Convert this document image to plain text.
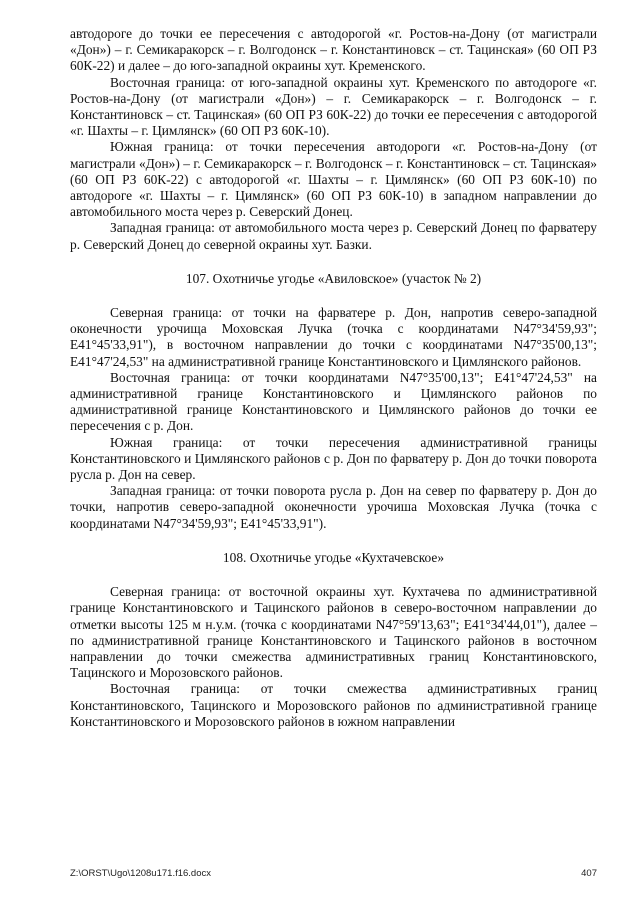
автодороге до точки ее пересечения с автодорогой «г. Ростов-на-Дону (от магистрали «Дон») – г. Семикаракорск – г. Волгодонск – г. Константиновск – ст. Тацинская» (60 ОП РЗ 60К-22) и далее – до юго-западной окраины хут. Кременского.

Восточная граница: от юго-западной окраины хут. Кременского по автодороге «г. Ростов-на-Дону (от магистрали «Дон») – г. Семикаракорск – г. Волгодонск – г. Константиновск – ст. Тацинская» (60 ОП РЗ 60К-22) до точки ее пересечения с автодорогой «г. Шахты – г. Цимлянск» (60 ОП РЗ 60К-10).

Южная граница: от точки пересечения автодороги «г. Ростов-на-Дону (от магистрали «Дон») – г. Семикаракорск – г. Волгодонск – г. Константиновск – ст. Тацинская» (60 ОП РЗ 60К-22) с автодорогой «г. Шахты – г. Цимлянск» (60 ОП РЗ 60К-10) по автодороге «г. Шахты – г. Цимлянск» (60 ОП РЗ 60К-10) в западном направлении до автомобильного моста через р. Северский Донец.

Западная граница: от автомобильного моста через р. Северский Донец по фарватеру р. Северский Донец до северной окраины хут. Базки.

107. Охотничье угодье «Авиловское» (участок № 2)

Северная граница: от точки на фарватере р. Дон, напротив северо-западной оконечности урочища Моховская Лучка (точка с координатами N47°34'59,93"; E41°45'33,91"), в восточном направлении до точки с координатами N47°35'00,13"; E41°47'24,53" на административной границе Константиновского и Цимлянского районов.

Восточная граница: от точки координатами N47°35'00,13"; E41°47'24,53" на административной границе Константиновского и Цимлянского районов по административной границе Константиновского и Цимлянского районов до точки ее пересечения с р. Дон.

Южная граница: от точки пересечения административной границы Константиновского и Цимлянского районов с р. Дон по фарватеру р. Дон до точки поворота русла р. Дон на север.

Западная граница: от точки поворота русла р. Дон на север по фарватеру р. Дон до точки, напротив северо-западной оконечности урочиша Моховская Лучка (точка с координатами N47°34'59,93"; E41°45'33,91").

108. Охотничье угодье «Кухтачевское»

Северная граница: от восточной окраины хут. Кухтачева по административной границе Константиновского и Тацинского районов в северо-восточном направлении до отметки высоты 125 м н.у.м. (точка с координатами N47°59'13,63"; E41°34'44,01"), далее – по административной границе Константиновского и Тацинского районов в восточном направлении до точки смежества административных границ Константиновского, Тацинского и Морозовского районов.

Восточная граница: от точки смежества административных границ Константиновского, Тацинского и Морозовского районов по административной границе Константиновского и Морозовского районов в южном направлении

Z:\ORST\Ugo\1208u171.f16.docx	407
